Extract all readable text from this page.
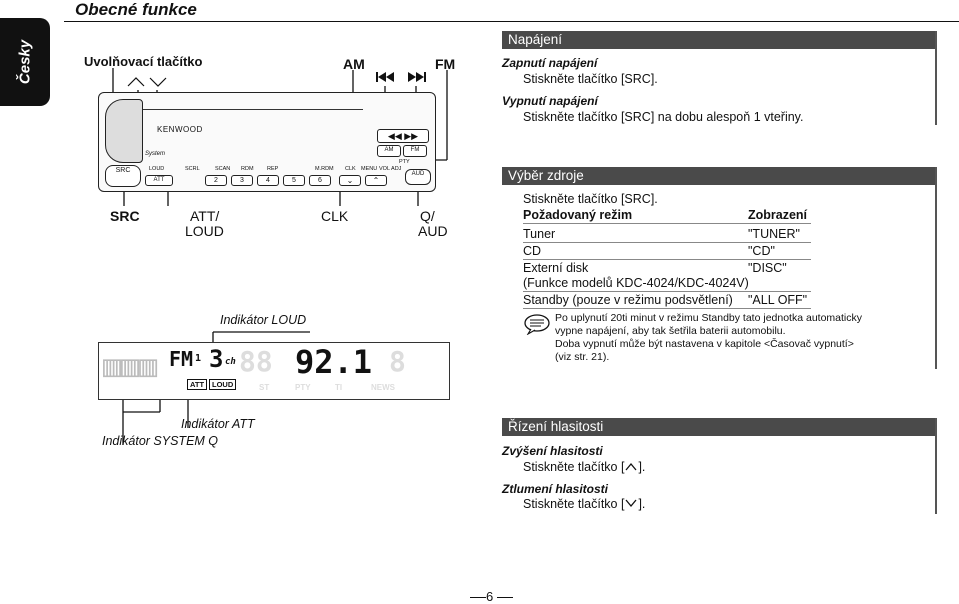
Česky
Obecné funkce
Uvolňovací tlačítko	AM	FM
KENWOOD
System
◀◀ ▶▶
AM	FM
SRC
ATT	2	3	4	5	6	⌄	⌃
AUD
LOUD	SCRL	SCAN RDM REP	M.RDM CLK MENU VOL ADJ
PTY
SRC	ATT/
LOUD
CLK	Q/
AUD
Indikátor LOUD
▥▥▥ FM 1 3 ch 88 92.1 8
ATT	LOUD	PTY	NEWS
ST	TI
Indikátor ATT
Indikátor SYSTEM Q
Napájení
Zapnutí napájení
Stiskněte tlačítko [SRC].
Vypnutí napájení
Stiskněte tlačítko [SRC] na dobu alespoň 1 vteřiny.
Výběr zdroje
Stiskněte tlačítko [SRC].
Požadovaný režim	Zobrazení
Tuner	"TUNER"
CD	"CD"
Externí disk	"DISC"
(Funkce modelů KDC-4024/KDC-4024V)
Standby (pouze v režimu podsvětlení) "ALL OFF"
Po uplynutí 20ti minut v režimu Standby tato jednotka automaticky
vypne napájení, aby tak šetřila baterii automobilu.
Doba vypnutí může být nastavena v kapitole <Časovač vypnutí>
(viz str. 21).
Řízení hlasitosti
Zvýšení hlasitosti
Stiskněte tlačítko [ ].
Ztlumení hlasitosti
Stiskněte tlačítko [ ].
6
